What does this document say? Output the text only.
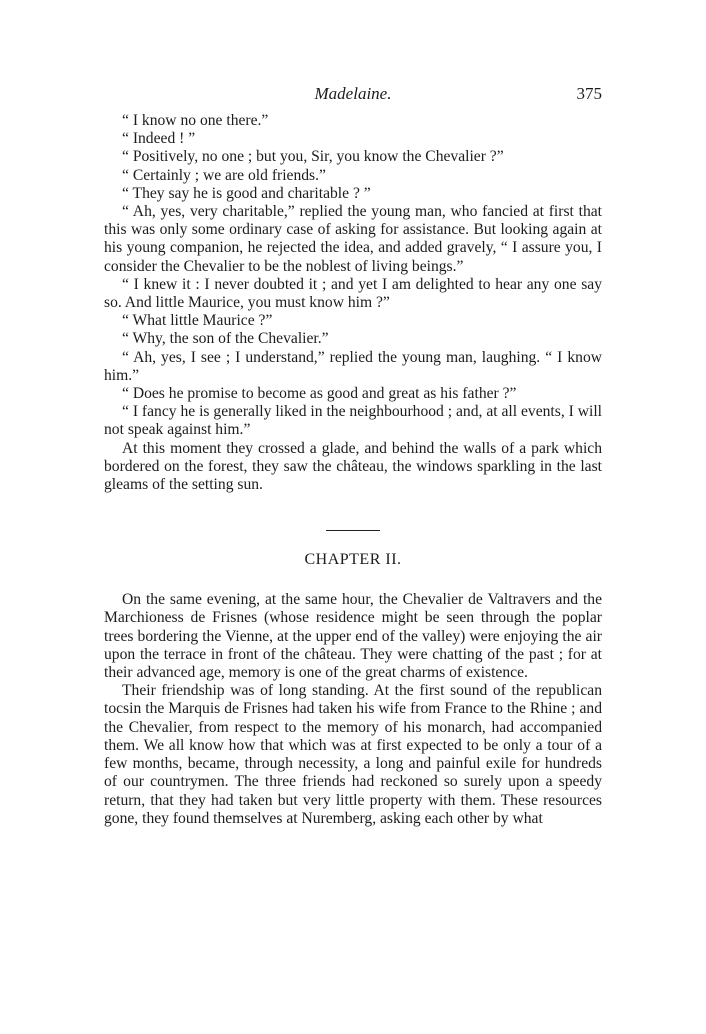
Madelaine.	375

“ I know no one there.”

“ Indeed ! ”

“ Positively, no one ; but you, Sir, you know the Chevalier ?”

“ Certainly ; we are old friends.”

“ They say he is good and charitable ? ”

“ Ah, yes, very charitable,” replied the young man, who fancied at first that this was only some ordinary case of asking for assistance. But looking again at his young companion, he rejected the idea, and added gravely, “ I assure you, I consider the Chevalier to be the noblest of living beings.”

“ I knew it : I never doubted it ; and yet I am delighted to hear any one say so. And little Maurice, you must know him ?”

“ What little Maurice ?”

“ Why, the son of the Chevalier.”

“ Ah, yes, I see ; I understand,” replied the young man, laughing. “ I know him.”

“ Does he promise to become as good and great as his father ?”

“ I fancy he is generally liked in the neighbourhood ; and, at all events, I will not speak against him.”

At this moment they crossed a glade, and behind the walls of a park which bordered on the forest, they saw the château, the windows sparkling in the last gleams of the setting sun.

CHAPTER II.

On the same evening, at the same hour, the Chevalier de Valtravers and the Marchioness de Frisnes (whose residence might be seen through the poplar trees bordering the Vienne, at the upper end of the valley) were enjoying the air upon the terrace in front of the château. They were chatting of the past ; for at their advanced age, memory is one of the great charms of existence.

Their friendship was of long standing. At the first sound of the republican tocsin the Marquis de Frisnes had taken his wife from France to the Rhine ; and the Chevalier, from respect to the memory of his monarch, had accompanied them. We all know how that which was at first expected to be only a tour of a few months, became, through necessity, a long and painful exile for hundreds of our countrymen. The three friends had reckoned so surely upon a speedy return, that they had taken but very little property with them. These resources gone, they found themselves at Nuremberg, asking each other by what
